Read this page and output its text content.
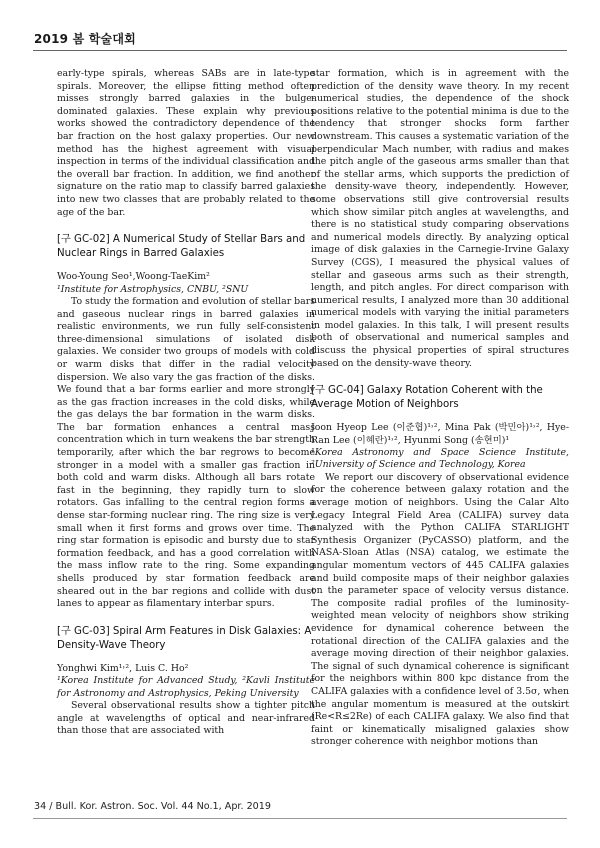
2019 봄 학술대회

early-type spirals, whereas SABs are in late-type spirals. Moreover, the ellipse fitting method often misses strongly barred galaxies in the bulge-dominated galaxies. These explain why previous works showed the contradictory dependence of the bar fraction on the host galaxy properties. Our new method has the highest agreement with visual inspection in terms of the individual classification and the overall bar fraction. In addition, we find another signature on the ratio map to classify barred galaxies into new two classes that are probably related to the age of the bar.

[구 GC-02] A Numerical Study of Stellar Bars and Nuclear Rings in Barred Galaxies

Woo-Young Seo¹,Woong-TaeKim²

¹Institute for Astrophysics, CNBU, ²SNU

To study the formation and evolution of stellar bars and gaseous nuclear rings in barred galaxies in realistic environments, we run fully self-consistent three-dimensional simulations of isolated disk galaxies. We consider two groups of models with cold or warm disks that differ in the radial velocity dispersion. We also vary the gas fraction of the disks. We found that a bar forms earlier and more strongly as the gas fraction increases in the cold disks, while the gas delays the bar formation in the warm disks. The bar formation enhances a central mass concentration which in turn weakens the bar strength temporarily, after which the bar regrows to become stronger in a model with a smaller gas fraction in both cold and warm disks. Although all bars rotate fast in the beginning, they rapidly turn to slow rotators. Gas infalling to the central region forms a dense star-forming nuclear ring. The ring size is very small when it first forms and grows over time. The ring star formation is episodic and bursty due to star formation feedback, and has a good correlation with the mass inflow rate to the ring. Some expanding shells produced by star formation feedback are sheared out in the bar regions and collide with dust lanes to appear as filamentary interbar spurs.

[구 GC-03] Spiral Arm Features in Disk Galaxies: A Density-Wave Theory

Yonghwi Kim¹˒², Luis C. Ho²

¹Korea Institute for Advanced Study, ²Kavli Institute for Astronomy and Astrophysics, Peking University

Several observational results show a tighter pitch angle at wavelengths of optical and near-infrared than those that are associated with

star formation, which is in agreement with the prediction of the density wave theory. In my recent numerical studies, the dependence of the shock positions relative to the potential minima is due to the tendency that stronger shocks form farther downstream. This causes a systematic variation of the perpendicular Mach number, with radius and makes the pitch angle of the gaseous arms smaller than that of the stellar arms, which supports the prediction of the density-wave theory, independently. However, some observations still give controversial results which show similar pitch angles at wavelengths, and there is no statistical study comparing observations and numerical models directly. By analyzing optical image of disk galaxies in the Carnegie-Irvine Galaxy Survey (CGS), I measured the physical values of stellar and gaseous arms such as their strength, length, and pitch angles. For direct comparison with numerical results, I analyzed more than 30 additional numerical models with varying the initial parameters in model galaxies. In this talk, I will present results both of observational and numerical samples and discuss the physical properties of spiral structures based on the density-wave theory.

[구 GC-04] Galaxy Rotation Coherent with the Average Motion of Neighbors

Joon Hyeop Lee (이준협)¹˒², Mina Pak (박민아)¹˒², Hye-Ran Lee (이혜란)¹˒², Hyunmi Song (송현미)¹

¹Korea Astronomy and Space Science Institute, ²University of Science and Technology, Korea

We report our discovery of observational evidence for the coherence between galaxy rotation and the average motion of neighbors. Using the Calar Alto Legacy Integral Field Area (CALIFA) survey data analyzed with the Python CALIFA STARLIGHT Synthesis Organizer (PyCASSO) platform, and the NASA-Sloan Atlas (NSA) catalog, we estimate the angular momentum vectors of 445 CALIFA galaxies and build composite maps of their neighbor galaxies on the parameter space of velocity versus distance. The composite radial profiles of the luminosity-weighted mean velocity of neighbors show striking evidence for dynamical coherence between the rotational direction of the CALIFA galaxies and the average moving direction of their neighbor galaxies. The signal of such dynamical coherence is significant for the neighbors within 800 kpc distance from the CALIFA galaxies with a confidence level of 3.5σ, when the angular momentum is measured at the outskirt (Re<R≤2Re) of each CALIFA galaxy. We also find that faint or kinematically misaligned galaxies show stronger coherence with neighbor motions than

34 / Bull. Kor. Astron. Soc. Vol. 44 No.1, Apr. 2019
